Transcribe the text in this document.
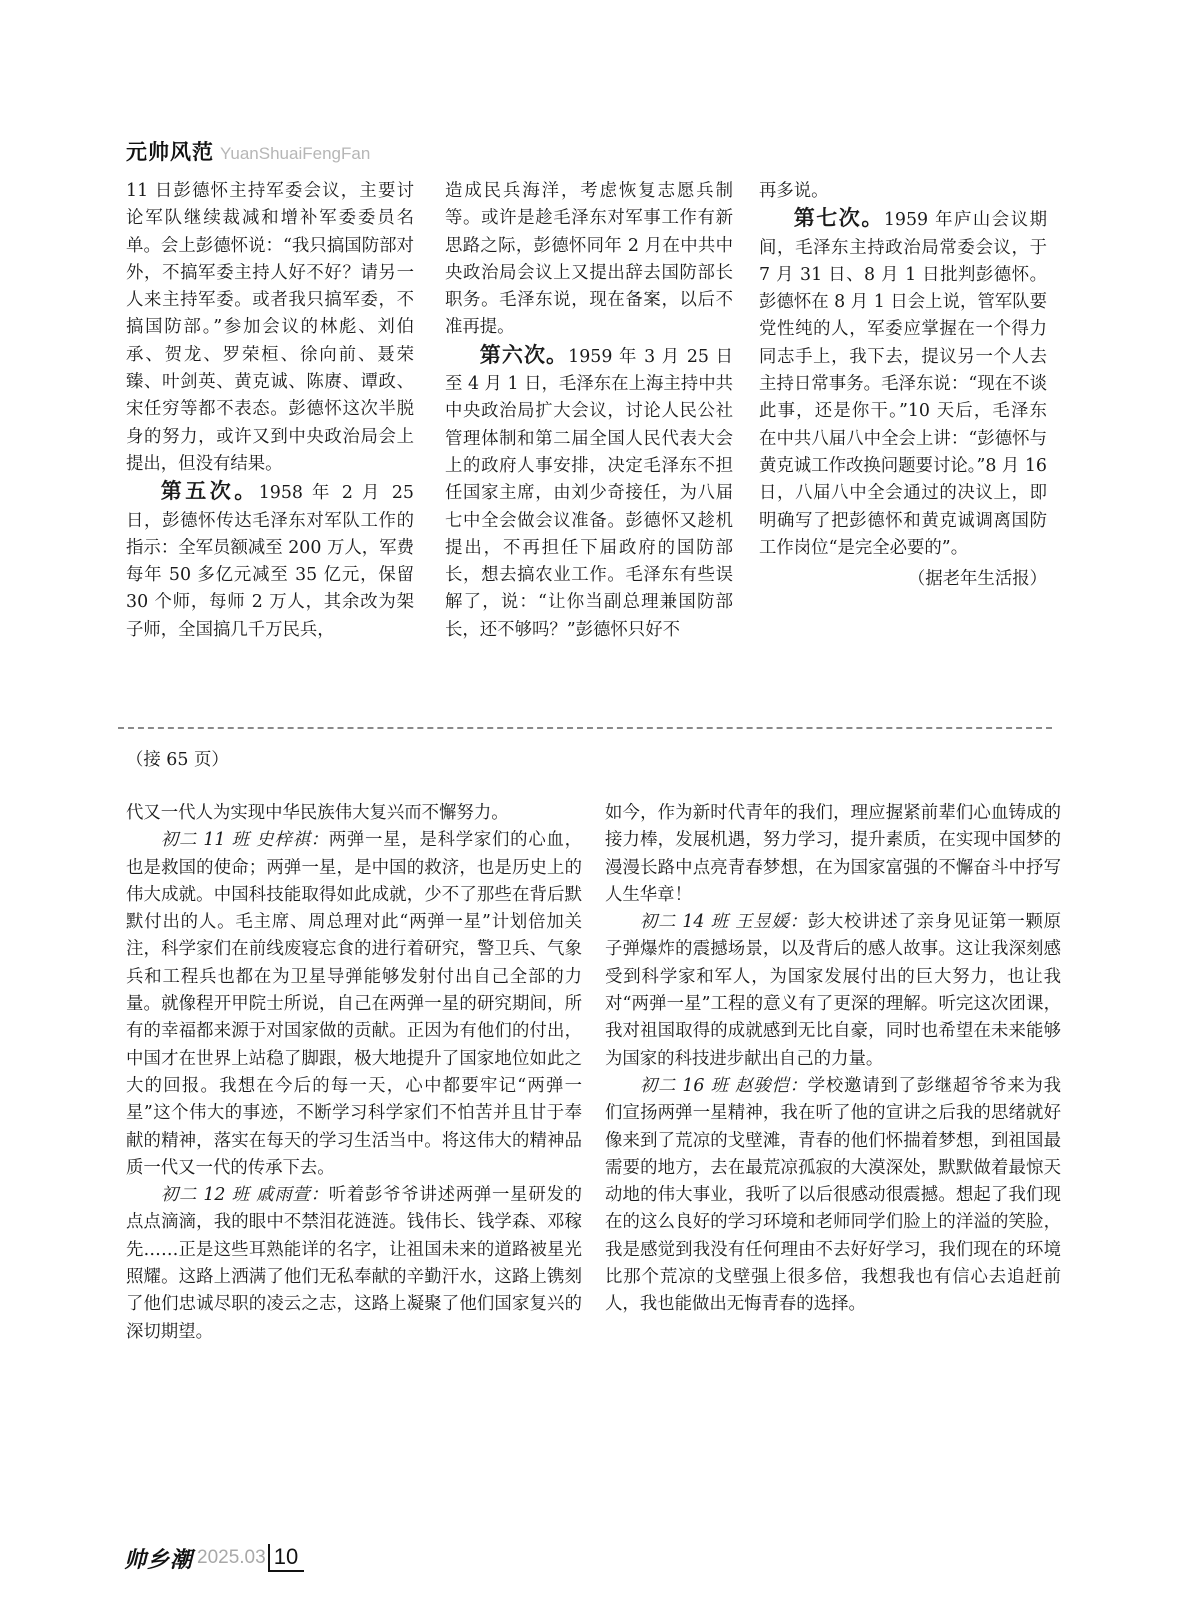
元帅风范 YuanShuaiFengFan

11 日彭德怀主持军委会议，主要讨论军队继续裁减和增补军委委员名单。会上彭德怀说：“我只搞国防部对外，不搞军委主持人好不好？请另一人来主持军委。或者我只搞军委，不搞国防部。”参加会议的林彪、刘伯承、贺龙、罗荣桓、徐向前、聂荣臻、叶剑英、黄克诚、陈赓、谭政、宋任穷等都不表态。彭德怀这次半脱身的努力，或许又到中央政治局会上提出，但没有结果。

第五次。1958 年 2 月 25 日，彭德怀传达毛泽东对军队工作的指示：全军员额减至 200 万人，军费每年 50 多亿元减至 35 亿元，保留 30 个师，每师 2 万人，其余改为架子师，全国搞几千万民兵，

造成民兵海洋，考虑恢复志愿兵制等。或许是趁毛泽东对军事工作有新思路之际，彭德怀同年 2 月在中共中央政治局会议上又提出辞去国防部长职务。毛泽东说，现在备案，以后不准再提。

第六次。1959 年 3 月 25 日至 4 月 1 日，毛泽东在上海主持中共中央政治局扩大会议，讨论人民公社管理体制和第二届全国人民代表大会上的政府人事安排，决定毛泽东不担任国家主席，由刘少奇接任，为八届七中全会做会议准备。彭德怀又趁机提出，不再担任下届政府的国防部长，想去搞农业工作。毛泽东有些误解了，说：“让你当副总理兼国防部长，还不够吗？”彭德怀只好不

再多说。

第七次。1959 年庐山会议期间，毛泽东主持政治局常委会议，于 7 月 31 日、8 月 1 日批判彭德怀。彭德怀在 8 月 1 日会上说，管军队要党性纯的人，军委应掌握在一个得力同志手上，我下去，提议另一个人去主持日常事务。毛泽东说：“现在不谈此事，还是你干。”10 天后，毛泽东在中共八届八中全会上讲：“彭德怀与黄克诚工作改换问题要讨论。”8 月 16 日，八届八中全会通过的决议上，即明确写了把彭德怀和黄克诚调离国防工作岗位“是完全必要的”。

（据老年生活报）

（接 65 页）

代又一代人为实现中华民族伟大复兴而不懈努力。

初二 11 班 史梓祺：两弹一星，是科学家们的心血，也是救国的使命；两弹一星，是中国的救济，也是历史上的伟大成就。中国科技能取得如此成就，少不了那些在背后默默付出的人。毛主席、周总理对此“两弹一星”计划倍加关注，科学家们在前线废寝忘食的进行着研究，警卫兵、气象兵和工程兵也都在为卫星导弹能够发射付出自己全部的力量。就像程开甲院士所说，自己在两弹一星的研究期间，所有的幸福都来源于对国家做的贡献。正因为有他们的付出，中国才在世界上站稳了脚跟，极大地提升了国家地位如此之大的回报。我想在今后的每一天，心中都要牢记“两弹一星”这个伟大的事迹，不断学习科学家们不怕苦并且甘于奉献的精神，落实在每天的学习生活当中。将这伟大的精神品质一代又一代的传承下去。

初二 12 班 戚雨萱：听着彭爷爷讲述两弹一星研发的点点滴滴，我的眼中不禁泪花涟涟。钱伟长、钱学森、邓稼先……正是这些耳熟能详的名字，让祖国未来的道路被星光照耀。这路上洒满了他们无私奉献的辛勤汗水，这路上镌刻了他们忠诚尽职的凌云之志，这路上凝聚了他们国家复兴的深切期望。

如今，作为新时代青年的我们，理应握紧前辈们心血铸成的接力棒，发展机遇，努力学习，提升素质，在实现中国梦的漫漫长路中点亮青春梦想，在为国家富强的不懈奋斗中抒写人生华章！

初二 14 班 王昱媛：彭大校讲述了亲身见证第一颗原子弹爆炸的震撼场景，以及背后的感人故事。这让我深刻感受到科学家和军人，为国家发展付出的巨大努力，也让我对“两弹一星”工程的意义有了更深的理解。听完这次团课，我对祖国取得的成就感到无比自豪，同时也希望在未来能够为国家的科技进步献出自己的力量。

初二 16 班 赵骏恺：学校邀请到了彭继超爷爷来为我们宣扬两弹一星精神，我在听了他的宣讲之后我的思绪就好像来到了荒凉的戈壁滩，青春的他们怀揣着梦想，到祖国最需要的地方，去在最荒凉孤寂的大漠深处，默默做着最惊天动地的伟大事业，我听了以后很感动很震撼。想起了我们现在的这么良好的学习环境和老师同学们脸上的洋溢的笑脸，我是感觉到我没有任何理由不去好好学习，我们现在的环境比那个荒凉的戈壁强上很多倍，我想我也有信心去追赶前人，我也能做出无悔青春的选择。

帅乡潮 2025.03 10
